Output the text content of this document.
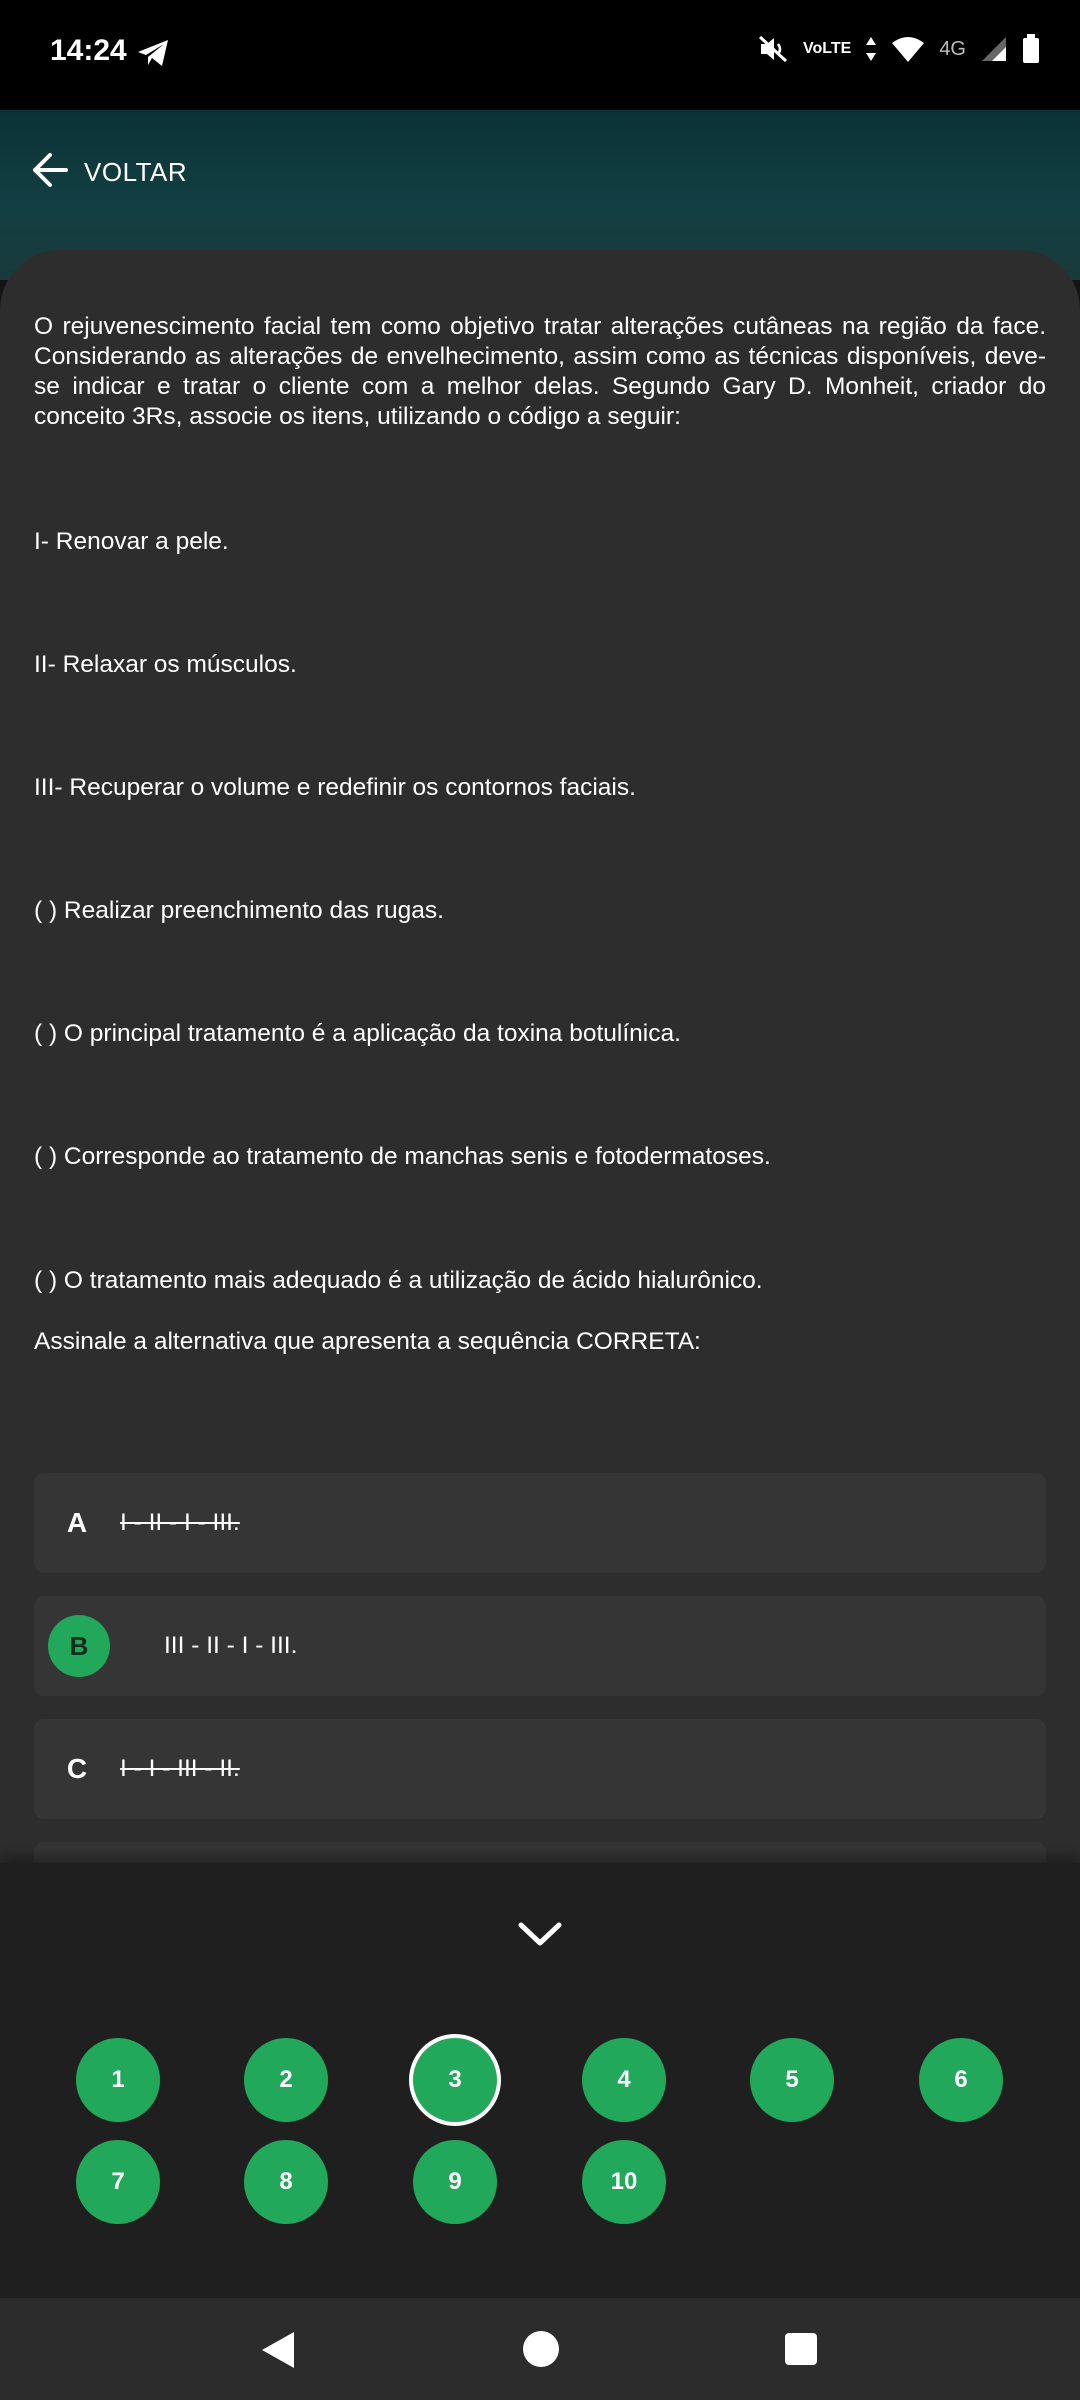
14:24	Vo LTE	4G
VOLTAR
O rejuvenescimento facial tem como objetivo tratar alterações cutâneas na região da face. Considerando as alterações de envelhecimento, assim como as técnicas disponíveis, deve-se indicar e tratar o cliente com a melhor delas. Segundo Gary D. Monheit, criador do conceito 3Rs, associe os itens, utilizando o código a seguir:
I- Renovar a pele.
II- Relaxar os músculos.
III- Recuperar o volume e redefinir os contornos faciais.
( ) Realizar preenchimento das rugas.
( ) O principal tratamento é a aplicação da toxina botulínica.
( ) Corresponde ao tratamento de manchas senis e fotodermatoses.
( ) O tratamento mais adequado é a utilização de ácido hialurônico.
Assinale a alternativa que apresenta a sequência CORRETA:
A	I - II - I - III.
B	III - II - I - III.
C	I - I - III - II.
1	2	3	4	5	6
7	8	9	10
